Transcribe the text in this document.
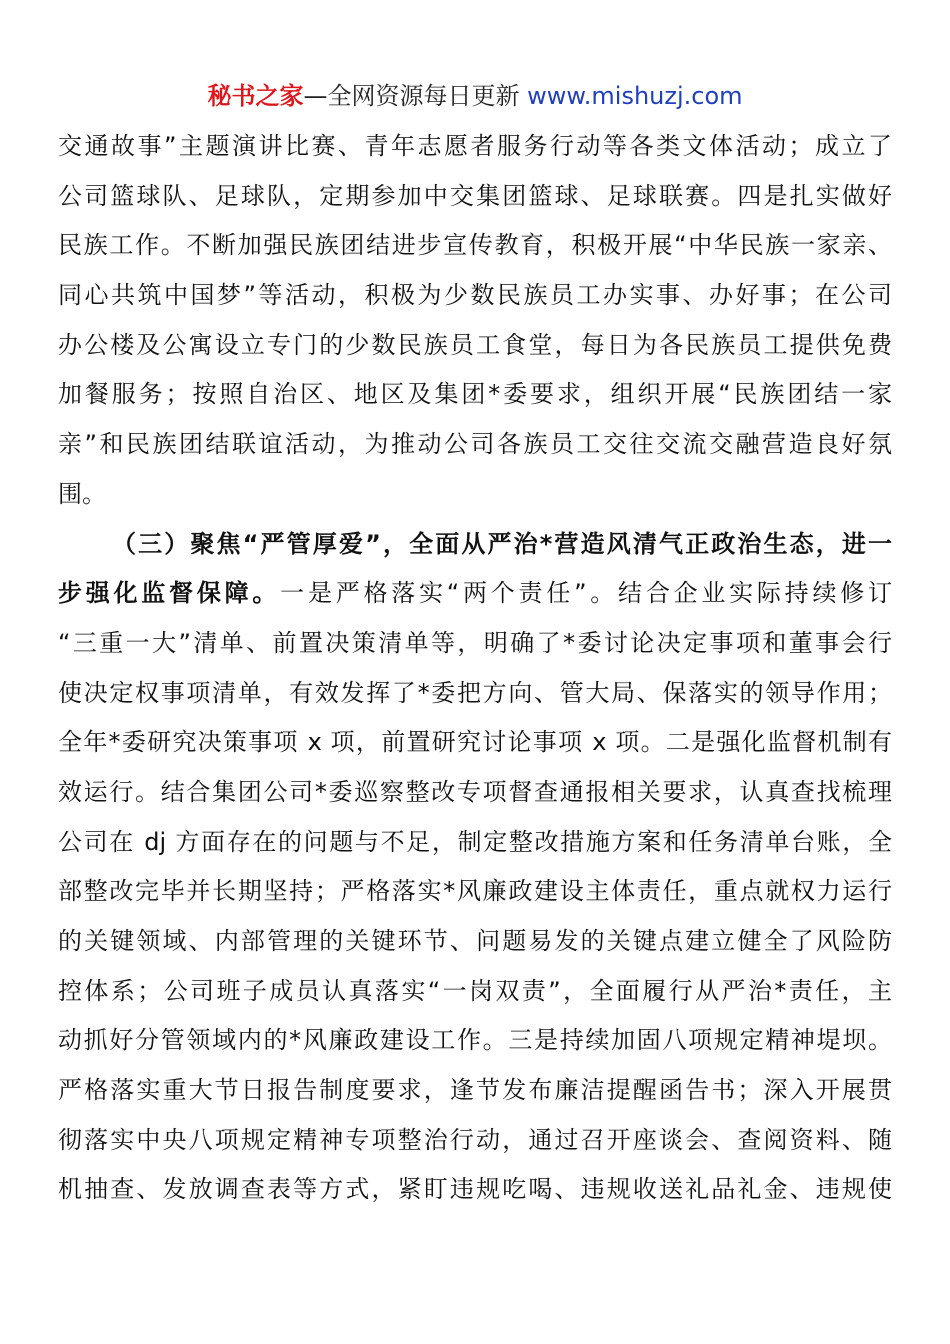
秘书之家—全网资源每日更新 www.mishuzj.com
交通故事”主题演讲比赛、青年志愿者服务行动等各类文体活动；成立了
公司篮球队、足球队，定期参加中交集团篮球、足球联赛。四是扎实做好
民族工作。不断加强民族团结进步宣传教育，积极开展“中华民族一家亲、
同心共筑中国梦”等活动，积极为少数民族员工办实事、办好事；在公司
办公楼及公寓设立专门的少数民族员工食堂，每日为各民族员工提供免费
加餐服务；按照自治区、地区及集团*委要求，组织开展“民族团结一家
亲”和民族团结联谊活动，为推动公司各族员工交往交流交融营造良好氛
围。
（三）聚焦“严管厚爱”，全面从严治*营造风清气正政治生态，进一
步强化监督保障。一是严格落实“两个责任”。结合企业实际持续修订
“三重一大”清单、前置决策清单等，明确了*委讨论决定事项和董事会行
使决定权事项清单，有效发挥了*委把方向、管大局、保落实的领导作用；
全年*委研究决策事项 x 项，前置研究讨论事项 x 项。二是强化监督机制有
效运行。结合集团公司*委巡察整改专项督查通报相关要求，认真查找梳理
公司在 dj 方面存在的问题与不足，制定整改措施方案和任务清单台账，全
部整改完毕并长期坚持；严格落实*风廉政建设主体责任，重点就权力运行
的关键领域、内部管理的关键环节、问题易发的关键点建立健全了风险防
控体系；公司班子成员认真落实“一岗双责”，全面履行从严治*责任，主
动抓好分管领域内的*风廉政建设工作。三是持续加固八项规定精神堤坝。
严格落实重大节日报告制度要求，逢节发布廉洁提醒函告书；深入开展贯
彻落实中央八项规定精神专项整治行动，通过召开座谈会、查阅资料、随
机抽查、发放调查表等方式，紧盯违规吃喝、违规收送礼品礼金、违规使
